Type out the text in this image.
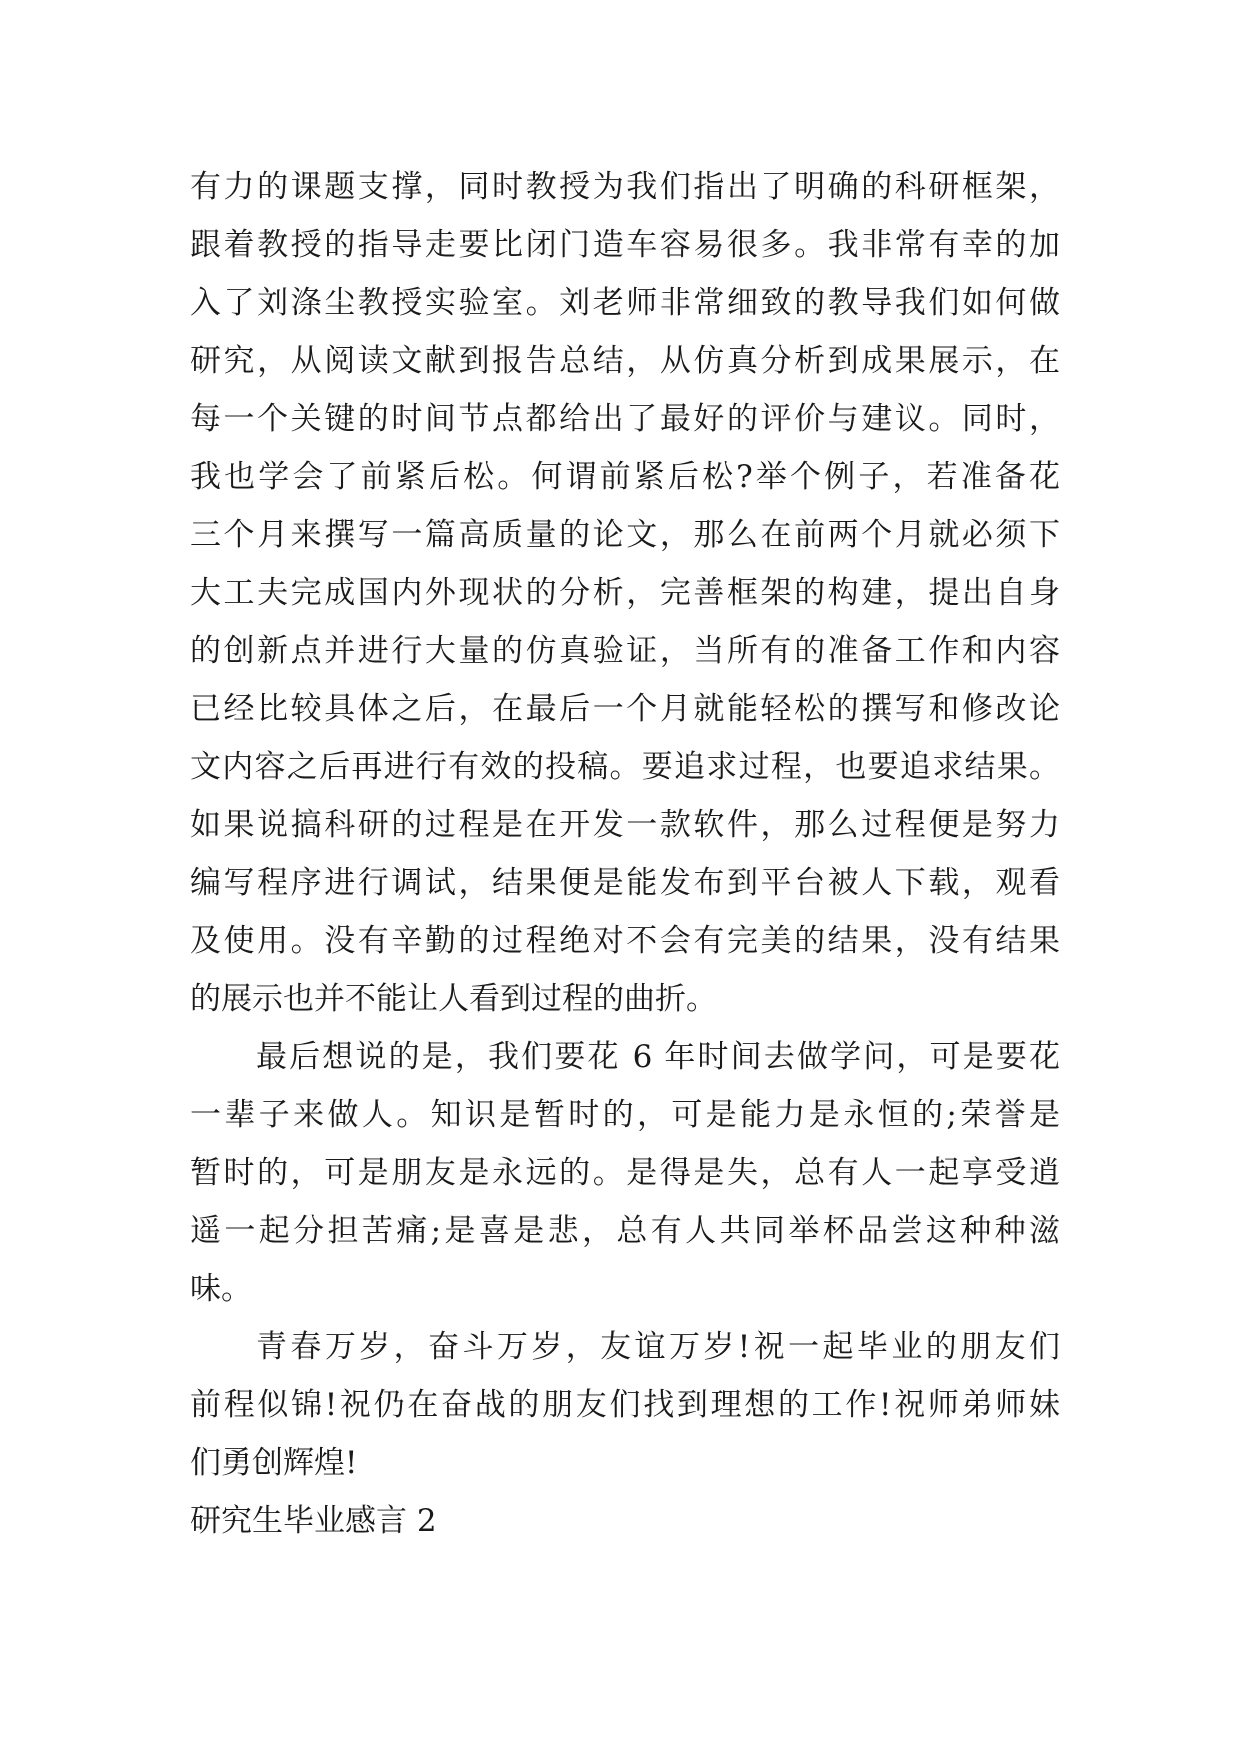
有力的课题支撑，同时教授为我们指出了明确的科研框架，
跟着教授的指导走要比闭门造车容易很多。我非常有幸的加
入了刘涤尘教授实验室。刘老师非常细致的教导我们如何做
研究，从阅读文献到报告总结，从仿真分析到成果展示，在
每一个关键的时间节点都给出了最好的评价与建议。同时，
我也学会了前紧后松。何谓前紧后松?举个例子，若准备花
三个月来撰写一篇高质量的论文，那么在前两个月就必须下
大工夫完成国内外现状的分析，完善框架的构建，提出自身
的创新点并进行大量的仿真验证，当所有的准备工作和内容
已经比较具体之后，在最后一个月就能轻松的撰写和修改论
文内容之后再进行有效的投稿。要追求过程，也要追求结果。
如果说搞科研的过程是在开发一款软件，那么过程便是努力
编写程序进行调试，结果便是能发布到平台被人下载，观看
及使用。没有辛勤的过程绝对不会有完美的结果，没有结果
的展示也并不能让人看到过程的曲折。
最后想说的是，我们要花 6 年时间去做学问，可是要花
一辈子来做人。知识是暂时的，可是能力是永恒的;荣誉是
暂时的，可是朋友是永远的。是得是失，总有人一起享受逍
遥一起分担苦痛;是喜是悲，总有人共同举杯品尝这种种滋
味。
青春万岁，奋斗万岁，友谊万岁!祝一起毕业的朋友们
前程似锦!祝仍在奋战的朋友们找到理想的工作!祝师弟师妹
们勇创辉煌!
研究生毕业感言 2
